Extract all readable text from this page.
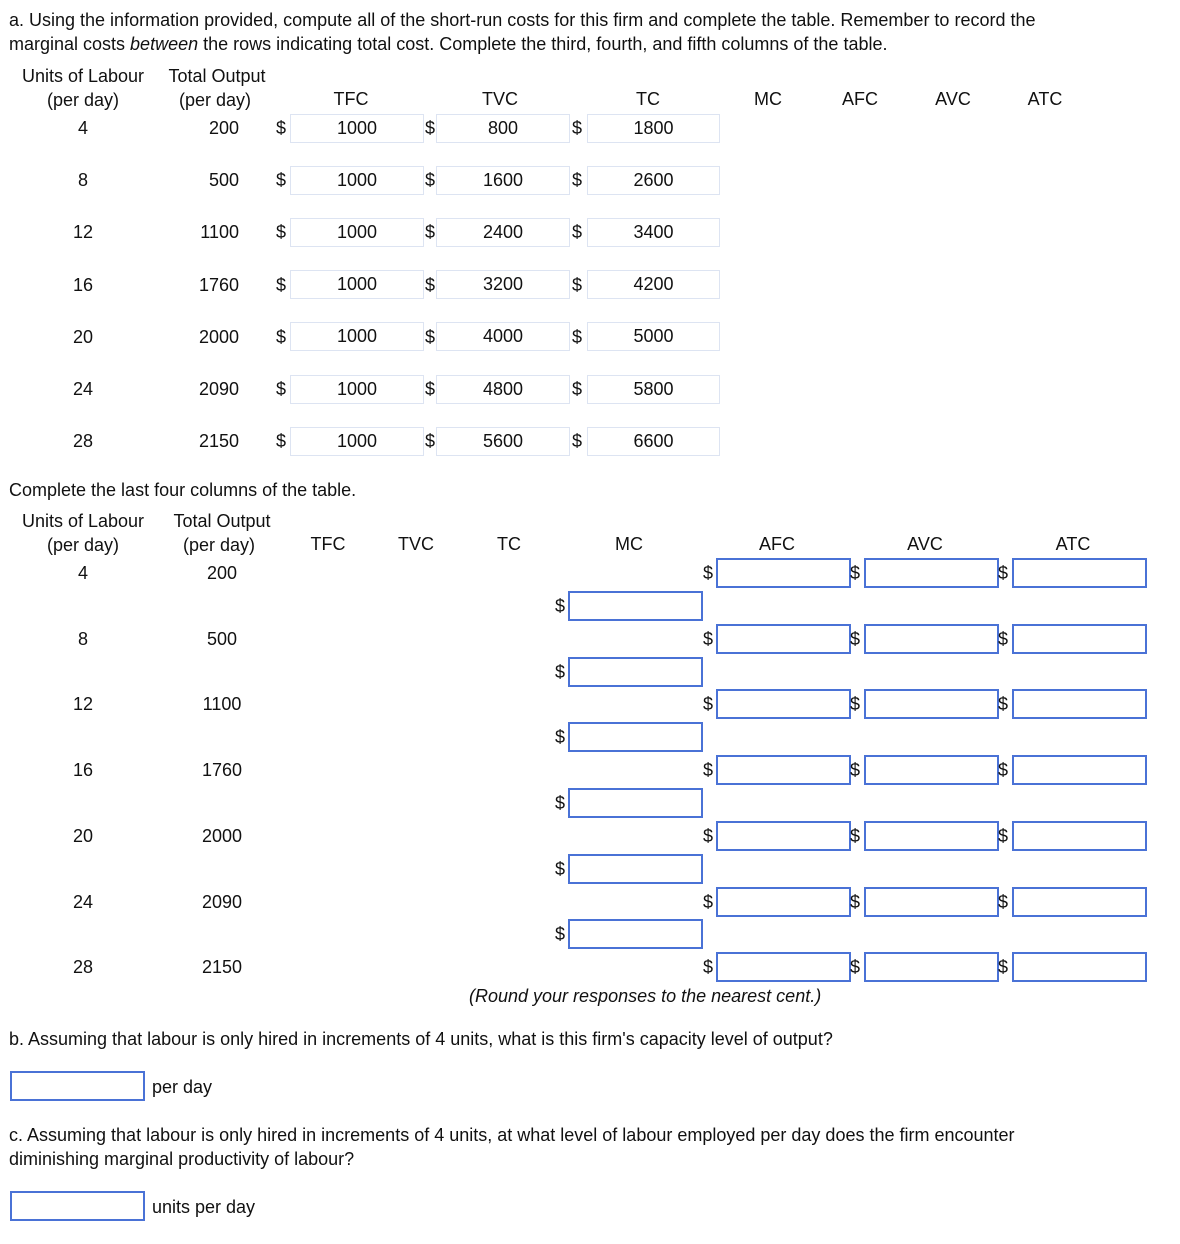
a. Using the information provided, compute all of the short-run costs for this firm and complete the table. Remember to record the
marginal costs between the rows indicating total cost. Complete the third, fourth, and fifth columns of the table.
Units of Labour
(per day)
Total Output
(per day)	TFC	TVC	TC	MC	AFC	AVC	ATC
4	200 $	1000	$	800	$	1800
8	500 $	1000	$	1600	$	2600
12	1100 $	1000	$	2400	$	3400
16	1760 $	1000	$	3200	$	4200
20	2000 $	1000	$	4000	$	5000
24	2090 $	1000	$	4800	$	5800
28	2150 $	1000	$	5600	$	6600
Complete the last four columns of the table.
Units of Labour
(per day)
Total Output
(per day)	TFC	TVC	TC	MC	AFC	AVC	ATC
4	200	$	$	$
$
8	500	$	$	$
$
12	1100	$	$	$
$
16	1760	$	$	$
$
20	2000	$	$	$
$
24	2090	$	$	$
$
28	2150	$	$	$
(Round your responses to the nearest cent.)
b. Assuming that labour is only hired in increments of 4 units, what is this firm's capacity level of output?
per day
c. Assuming that labour is only hired in increments of 4 units, at what level of labour employed per day does the firm encounter
diminishing marginal productivity of labour?
units per day
